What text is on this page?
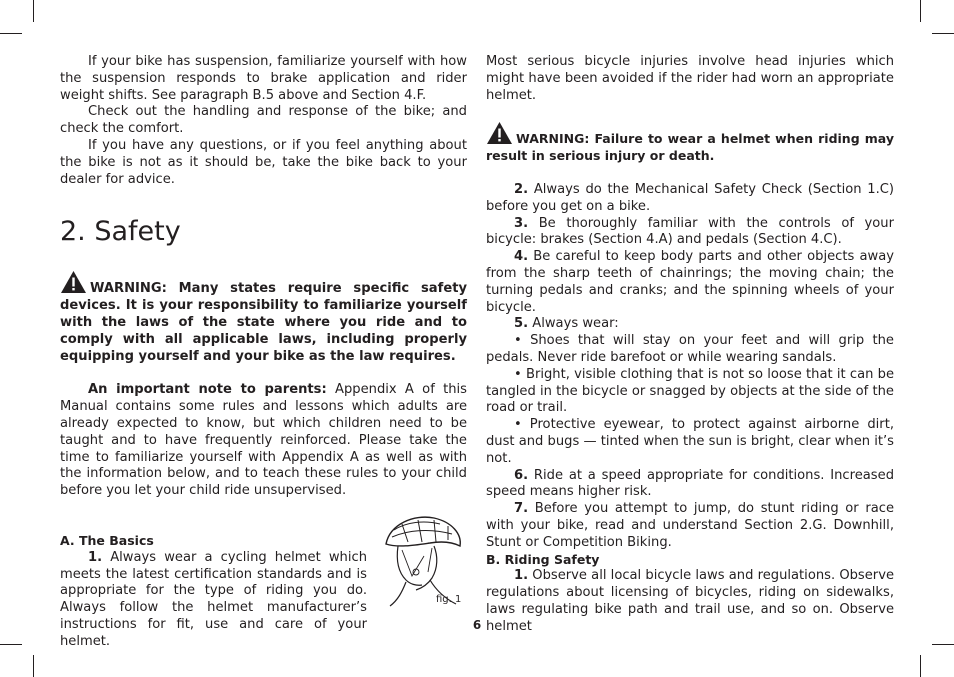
If your bike has suspension, familiarize yourself with how the suspension responds to brake application and rider weight shifts. See paragraph B.5 above and Section 4.F.

Check out the handling and response of the bike; and check the comfort.

If you have any questions, or if you feel anything about the bike is not as it should be, take the bike back to your dealer for advice.

2. Safety

WARNING: Many states require specific safety devices. It is your responsibility to familiarize yourself with the laws of the state where you ride and to comply with all applicable laws, including properly equipping yourself and your bike as the law requires.

An important note to parents: Appendix A of this Manual contains some rules and lessons which adults are already expected to know, but which children need to be taught and to have frequently reinforced. Please take the time to familiarize yourself with Appendix A as well as with the information below, and to teach these rules to your child before you let your child ride unsupervised.

A. The Basics

1. Always wear a cycling helmet which meets the latest certification standards and is appropriate for the type of riding you do. Always follow the helmet manufacturer’s instructions for fit, use and care of your helmet.

fig. 1

Most serious bicycle injuries involve head injuries which might have been avoided if the rider had worn an appropriate helmet.

WARNING: Failure to wear a helmet when riding may result in serious injury or death.

2. Always do the Mechanical Safety Check (Section 1.C) before you get on a bike.

3. Be thoroughly familiar with the controls of your bicycle: brakes (Section 4.A) and pedals (Section 4.C).

4. Be careful to keep body parts and other objects away from the sharp teeth of chainrings; the moving chain; the turning pedals and cranks; and the spinning wheels of your bicycle.

5. Always wear:

• Shoes that will stay on your feet and will grip the pedals. Never ride barefoot or while wearing sandals.

• Bright, visible clothing that is not so loose that it can be tangled in the bicycle or snagged by objects at the side of the road or trail.

• Protective eyewear, to protect against airborne dirt, dust and bugs — tinted when the sun is bright, clear when it’s not.

6. Ride at a speed appropriate for conditions. Increased speed means higher risk.

7. Before you attempt to jump, do stunt riding or race with your bike, read and understand Section 2.G. Downhill, Stunt or Competition Biking.

B. Riding Safety

1. Observe all local bicycle laws and regulations. Observe regulations about licensing of bicycles, riding on sidewalks, laws regulating bike path and trail use, and so on. Observe helmet

6
